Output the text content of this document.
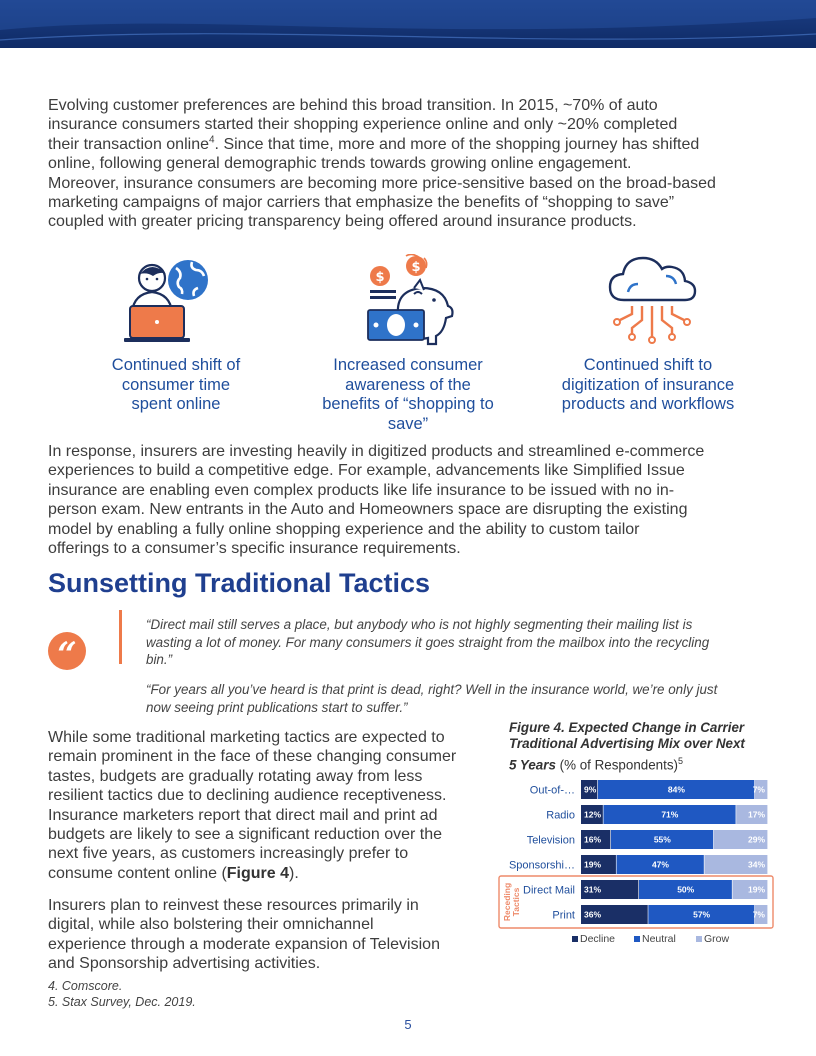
Evolving customer preferences are behind this broad transition. In 2015, ~70% of auto
insurance consumers started their shopping experience online and only ~20% completed
their transaction online$^4$. Since that time, more and more of the shopping journey has shifted
online, following general demographic trends towards growing online engagement.
Moreover, insurance consumers are becoming more price-sensitive based on the broad-based
marketing campaigns of major carriers that emphasize the benefits of “shopping to save”
coupled with greater pricing transparency being offered around insurance products.
$
$
Continued shift of
consumer time
spent online
Increased consumer
awareness of the
benefits of “shopping to
save”
Continued shift to
digitization of insurance
products and workflows
In response, insurers are investing heavily in digitized products and streamlined e-commerce
experiences to build a competitive edge. For example, advancements like Simplified Issue
insurance are enabling even complex products like life insurance to be issued with no in-
person exam. New entrants in the Auto and Homeowners space are disrupting the existing
model by enabling a fully online shopping experience and the ability to custom tailor
offerings to a consumer’s specific insurance requirements.
Sunsetting Traditional Tactics
“
“Direct mail still serves a place, but anybody who is not highly segmenting their mailing list is
wasting a lot of money. For many consumers it goes straight from the mailbox into the recycling
bin.”
“For years all you’ve heard is that print is dead, right? Well in the insurance world, we’re only just
now seeing print publications start to suffer.”
While some traditional marketing tactics are expected to
remain prominent in the face of these changing consumer
tastes, budgets are gradually rotating away from less
resilient tactics due to declining audience receptiveness.
Insurance marketers report that direct mail and print ad
budgets are likely to see a significant reduction over the
next five years, as customers increasingly prefer to
consume content online (Figure 4).
Insurers plan to reinvest these resources primarily in
digital, while also bolstering their omnichannel
experience through a moderate expansion of Television
and Sponsorship advertising activities.
Figure 4. Expected Change in Carrier
Traditional Advertising Mix over Next
5 Years (% of Respondents)$^5$
Out-of-… 9%	84%	7%
Radio 12%	71%	17%
Television 16%	55%	29%
Sponsorshi… 19%	47%	34%
Direct Mail 31%	50%	19%
Print 36%	57%	7%
Receding Tactics
Decline	Neutral	Grow
4. Comscore.
5. Stax Survey, Dec. 2019.
5
